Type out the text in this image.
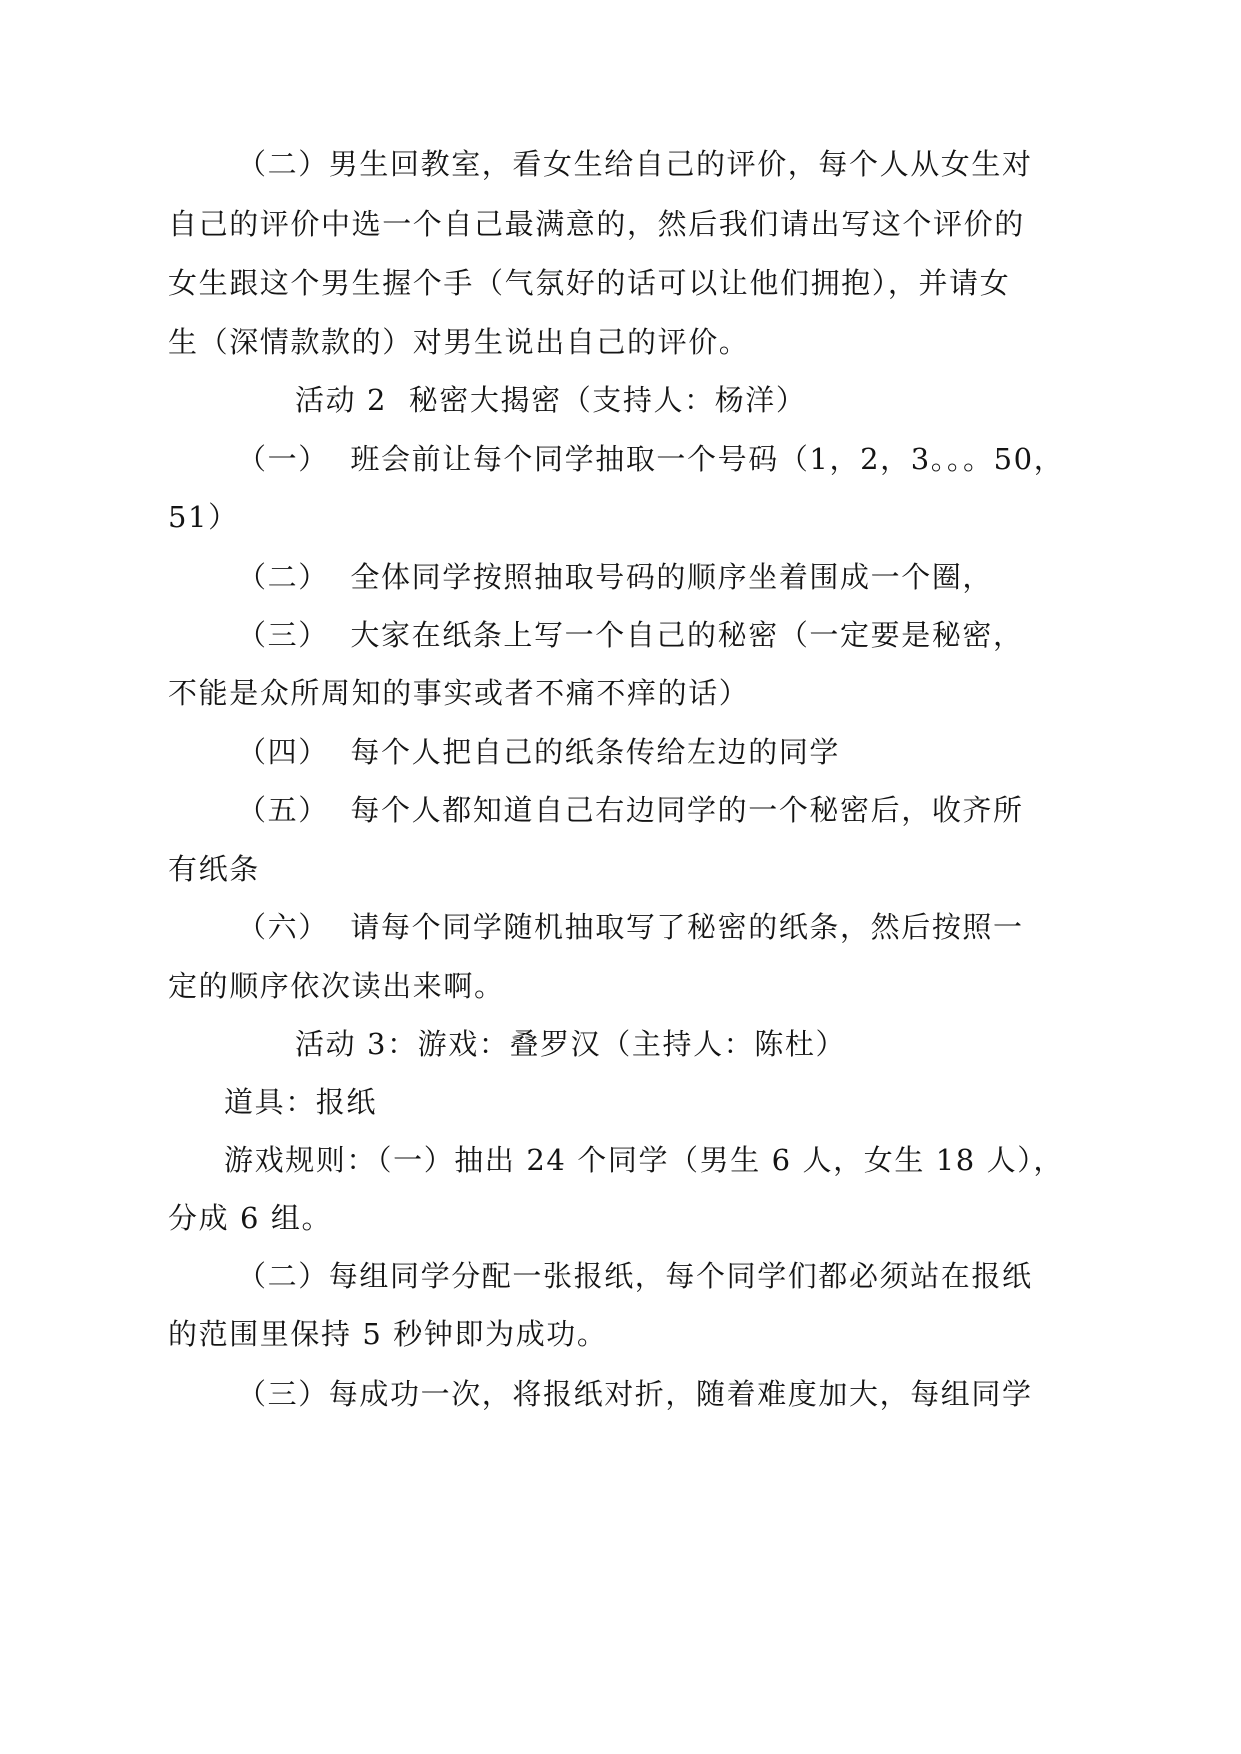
（二）男生回教室，看女生给自己的评价，每个人从女生对
自己的评价中选一个自己最满意的，然后我们请出写这个评价的
女生跟这个男生握个手（气氛好的话可以让他们拥抱），并请女
生（深情款款的）对男生说出自己的评价。
活动 2  秘密大揭密（支持人：杨洋）
（一）  班会前让每个同学抽取一个号码（1，2，3。。。50，
51）
（二）  全体同学按照抽取号码的顺序坐着围成一个圈，
（三）  大家在纸条上写一个自己的秘密（一定要是秘密，
不能是众所周知的事实或者不痛不痒的话）
（四）  每个人把自己的纸条传给左边的同学
（五）  每个人都知道自己右边同学的一个秘密后，收齐所
有纸条
（六）  请每个同学随机抽取写了秘密的纸条，然后按照一
定的顺序依次读出来啊。
活动 3：游戏：叠罗汉（主持人：陈杜）
道具：报纸
游戏规则：（一）抽出 24 个同学（男生 6 人，女生 18 人），
分成 6 组。
（二）每组同学分配一张报纸，每个同学们都必须站在报纸
的范围里保持 5 秒钟即为成功。
（三）每成功一次，将报纸对折，随着难度加大，每组同学
